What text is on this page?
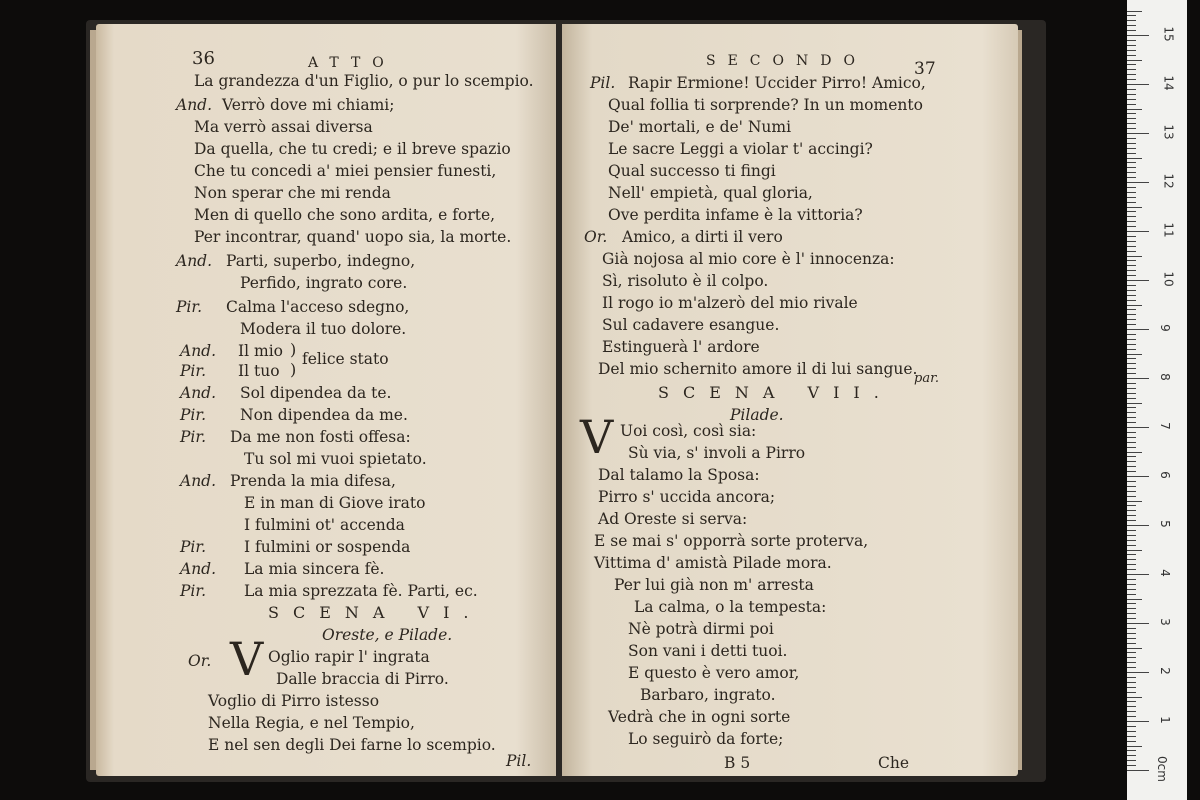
36	ATTO
La grandezza d'un Figlio, o pur lo scempio.
And. Verrò dove mi chiami;
Ma verrò assai diversa
Da quella, che tu credi; e il breve spazio
Che tu concedi a' miei pensier funesti,
Non sperar che mi renda
Men di quello che sono ardita, e forte,
Per incontrar, quand' uopo sia, la morte.
And. Parti, superbo, indegno,
Perfido, ingrato core.
Pir. Calma l'acceso sdegno,
Modera il tuo dolore.
And. Il mio
Pir. Il tuo
)
)
felice stato
And. Sol dipendea da te.
Pir. Non dipendea da me.
Pir. Da me non fosti offesa:
Tu sol mi vuoi spietato.
And. Prenda la mia difesa,
E in man di Giove irato
I fulmini ot' accenda
Pir. I fulmini or sospenda
And. La mia sincera fè.
Pir. La mia sprezzata fè. Parti, ec.
SCENA VI.
Oreste, e Pilade.
Or. V Oglio rapir l' ingrata
Dalle braccia di Pirro.
Voglio di Pirro istesso
Nella Regia, e nel Tempio,
E nel sen degli Dei farne lo scempio.
Pil.
SECONDO	37
Pil. Rapir Ermione! Uccider Pirro! Amico,
Qual follia ti sorprende? In un momento
De' mortali, e de' Numi
Le sacre Leggi a violar t' accingi?
Qual successo ti fingi
Nell' empietà, qual gloria,
Ove perdita infame è la vittoria?
Or. Amico, a dirti il vero
Già nojosa al mio core è l' innocenza:
Sì, risoluto è il colpo.
Il rogo io m'alzerò del mio rivale
Sul cadavere esangue.
Estinguerà l' ardore
Del mio schernito amore il di lui sangue.
par.
SCENA VII.
Pilade.
V Uoi così, così sia:
Sù via, s' involi a Pirro
Dal talamo la Sposa:
Pirro s' uccida ancora;
Ad Oreste si serva:
E se mai s' opporrà sorte proterva,
Vittima d' amistà Pilade mora.
Per lui già non m' arresta
La calma, o la tempesta:
Nè potrà dirmi poi
Son vani i detti tuoi.
E questo è vero amor,
Barbaro, ingrato.
Vedrà che in ogni sorte
Lo seguirò da forte;
B 5	Che	0cm
1
2
3
4
5
6
7
8
9
10
11
12
13
14
15
